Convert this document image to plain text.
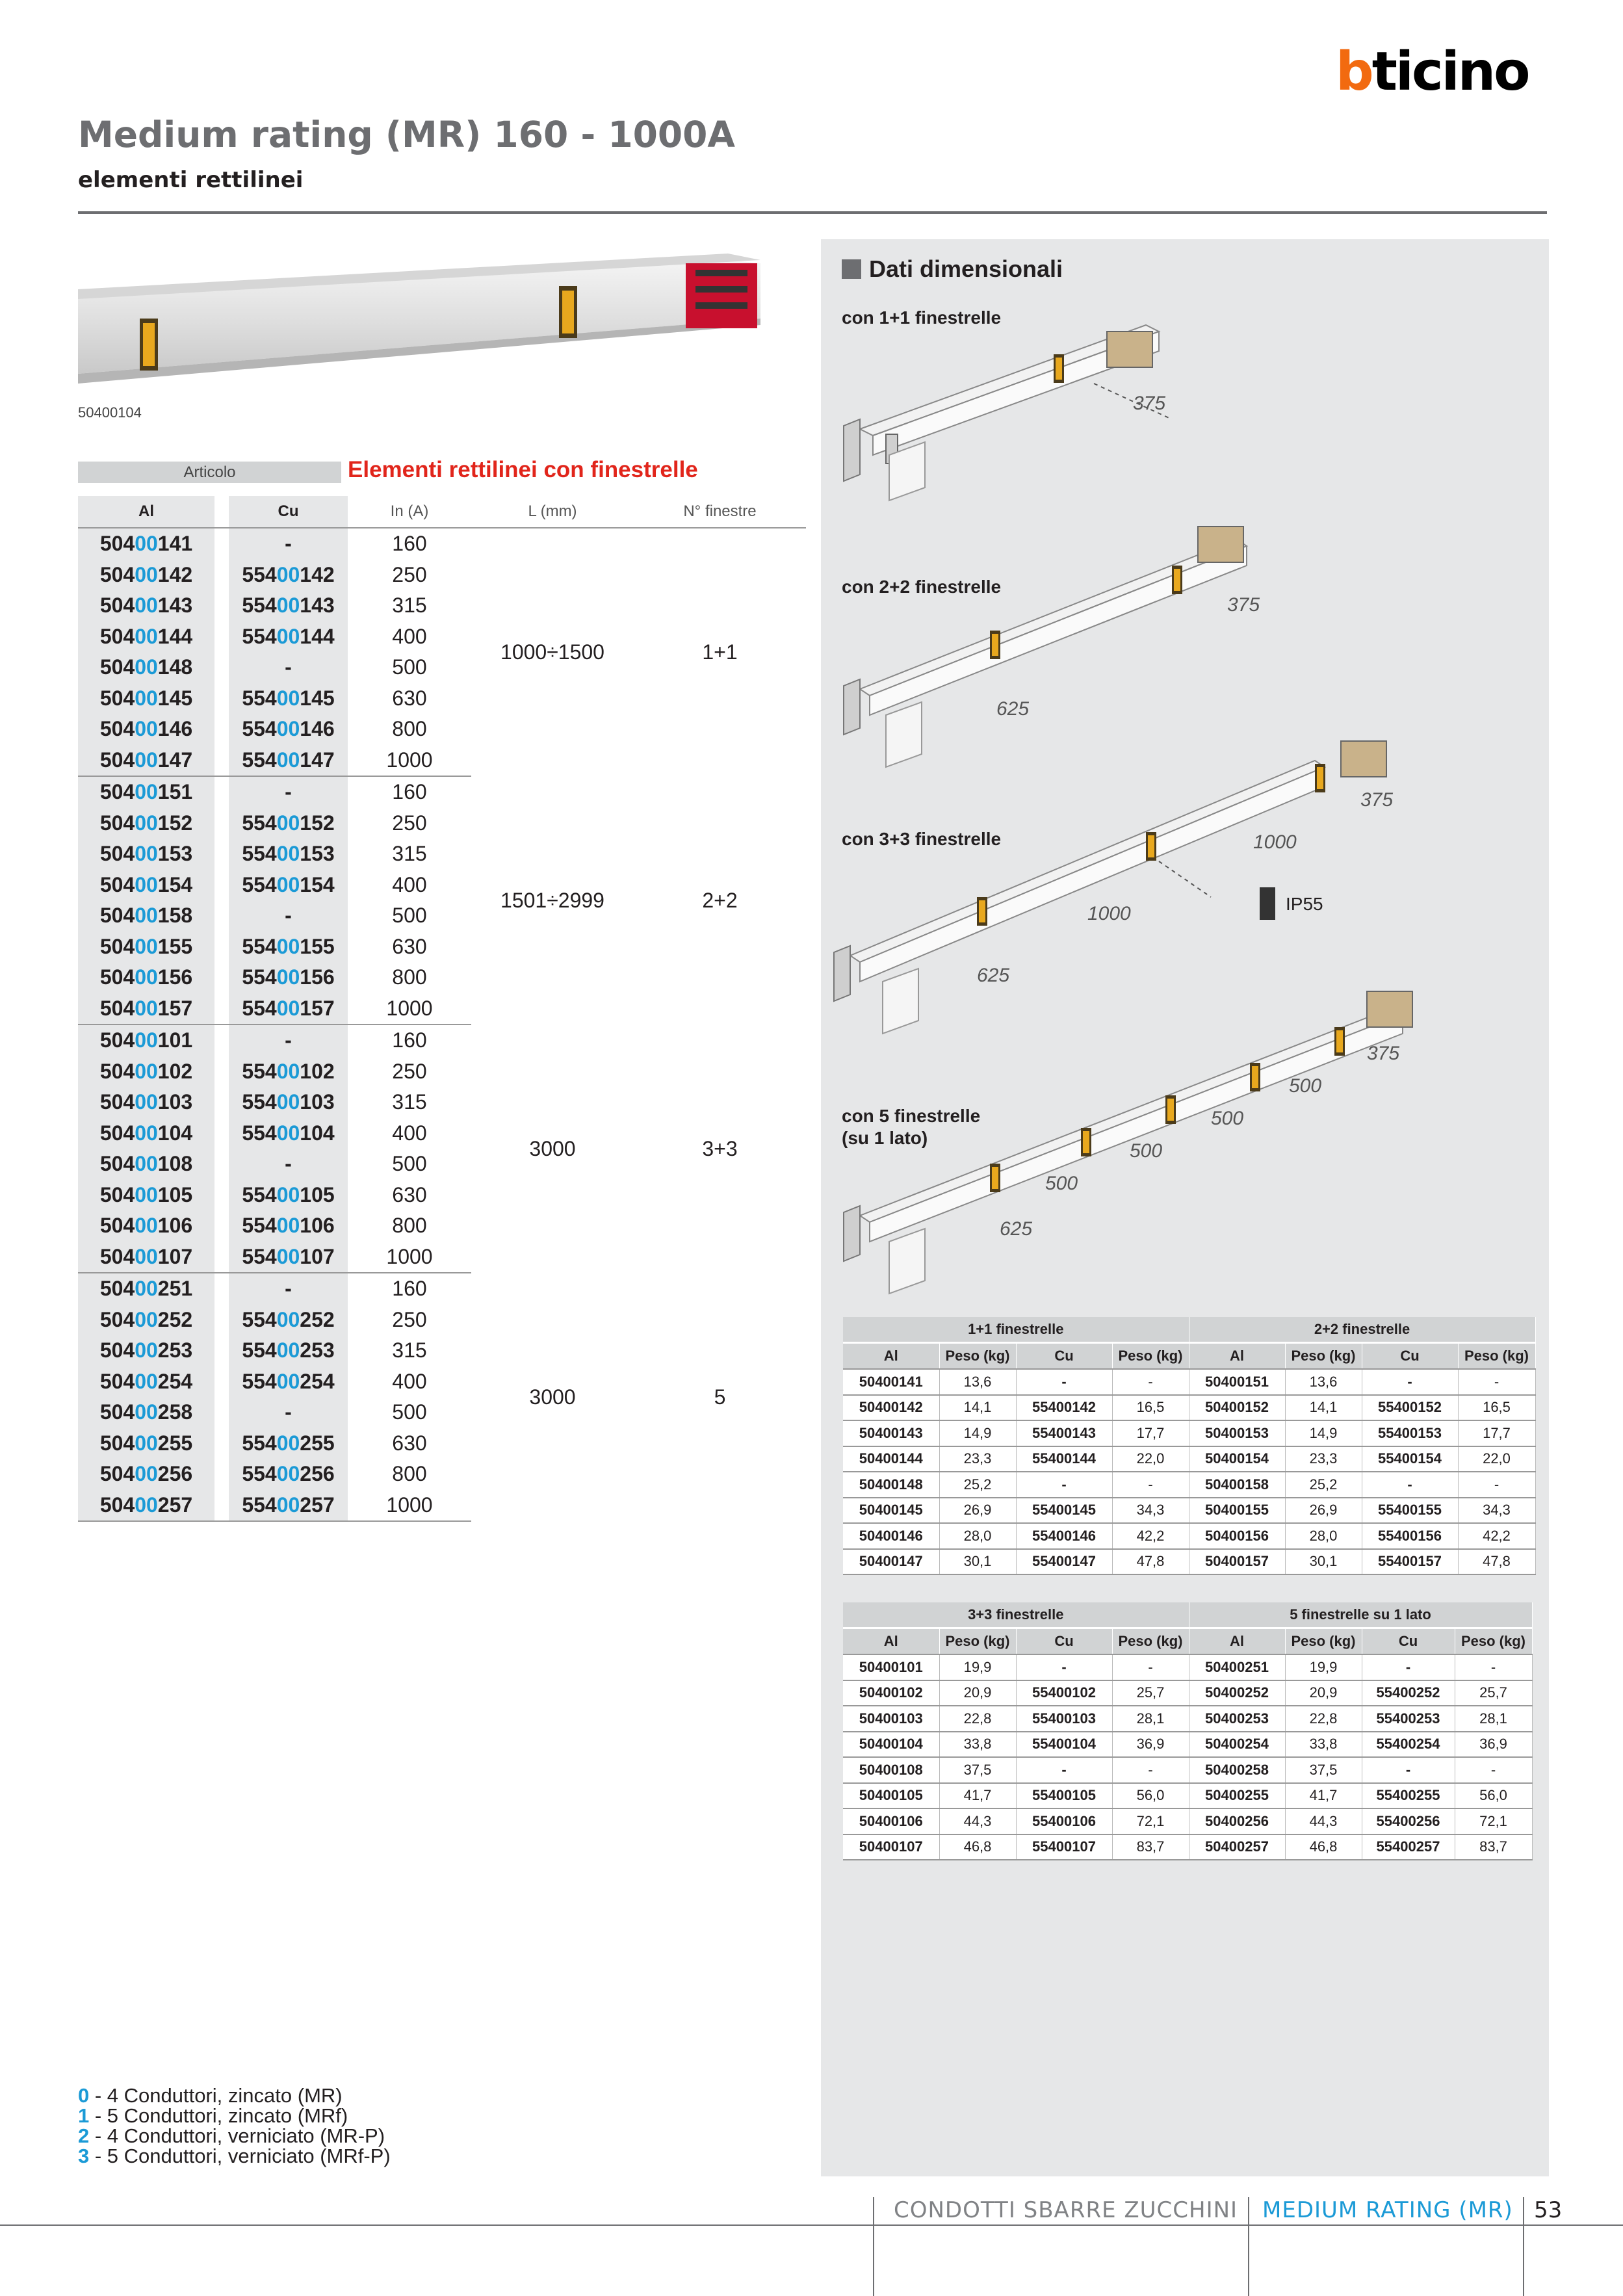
bticino
Medium rating (MR) 160 - 1000A
elementi rettilinei
50400104
Articolo	Elementi rettilinei con finestrelle
Al		Cu	In (A)	L (mm)	N° finestre
50400141		-	160	1000÷1500	1+1
50400142		55400142	250		
50400143		55400143	315		
50400144		55400144	400		
50400148		-	500		
50400145		55400145	630		
50400146		55400146	800		
50400147		55400147	1000		
50400151		-	160	1501÷2999	2+2
50400152		55400152	250		
50400153		55400153	315		
50400154		55400154	400		
50400158		-	500		
50400155		55400155	630		
50400156		55400156	800		
50400157		55400157	1000		
50400101		-	160	3000	3+3
50400102		55400102	250		
50400103		55400103	315		
50400104		55400104	400		
50400108		-	500		
50400105		55400105	630		
50400106		55400106	800		
50400107		55400107	1000		
50400251		-	160	3000	5
50400252		55400252	250		
50400253		55400253	315		
50400254		55400254	400		
50400258		-	500		
50400255		55400255	630		
50400256		55400256	800		
50400257		55400257	1000		
0 - 4 Conduttori, zincato (MR)
1 - 5 Conduttori, zincato (MRf)
2 - 4 Conduttori, verniciato (MR-P)
3 - 5 Conduttori, verniciato (MRf-P)
Dati dimensionali
con 1+1 finestrelle
con 2+2 finestrelle
con 3+3 finestrelle
con 5 finestrelle
(su 1 lato)
375
375
625
IP55
375
1000
1000
625
375
500
500
500
500
625
1+1 finestrelle				2+2 finestrelle			
Al	Peso (kg)	Cu	Peso (kg)	Al	Peso (kg)	Cu	Peso (kg)
50400141	13,6	-	-	50400151	13,6	-	-
50400142	14,1	55400142	16,5	50400152	14,1	55400152	16,5
50400143	14,9	55400143	17,7	50400153	14,9	55400153	17,7
50400144	23,3	55400144	22,0	50400154	23,3	55400154	22,0
50400148	25,2	-	-	50400158	25,2	-	-
50400145	26,9	55400145	34,3	50400155	26,9	55400155	34,3
50400146	28,0	55400146	42,2	50400156	28,0	55400156	42,2
50400147	30,1	55400147	47,8	50400157	30,1	55400157	47,8
3+3 finestrelle				5 finestrelle su 1 lato			
Al	Peso (kg)	Cu	Peso (kg)	Al	Peso (kg)	Cu	Peso (kg)
50400101	19,9	-	-	50400251	19,9	-	-
50400102	20,9	55400102	25,7	50400252	20,9	55400252	25,7
50400103	22,8	55400103	28,1	50400253	22,8	55400253	28,1
50400104	33,8	55400104	36,9	50400254	33,8	55400254	36,9
50400108	37,5	-	-	50400258	37,5	-	-
50400105	41,7	55400105	56,0	50400255	41,7	55400255	56,0
50400106	44,3	55400106	72,1	50400256	44,3	55400256	72,1
50400107	46,8	55400107	83,7	50400257	46,8	55400257	83,7
CONDOTTI SBARRE ZUCCHINI MEDIUM RATING (MR) 53
